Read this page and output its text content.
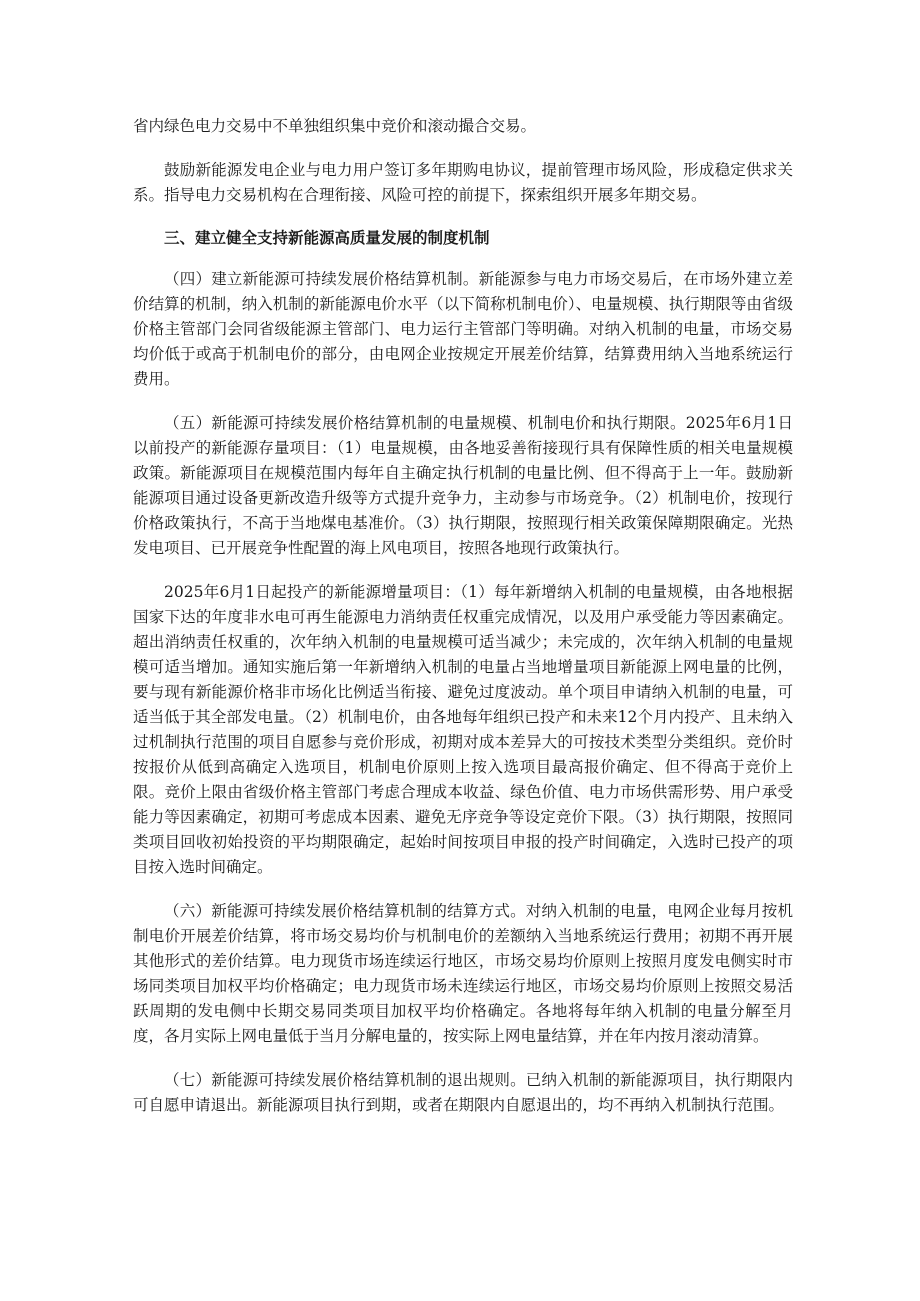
省内绿色电力交易中不单独组织集中竞价和滚动撮合交易。

鼓励新能源发电企业与电力用户签订多年期购电协议，提前管理市场风险，形成稳定供求关系。指导电力交易机构在合理衔接、风险可控的前提下，探索组织开展多年期交易。

三、建立健全支持新能源高质量发展的制度机制

（四）建立新能源可持续发展价格结算机制。新能源参与电力市场交易后，在市场外建立差价结算的机制，纳入机制的新能源电价水平（以下简称机制电价）、电量规模、执行期限等由省级价格主管部门会同省级能源主管部门、电力运行主管部门等明确。对纳入机制的电量，市场交易均价低于或高于机制电价的部分，由电网企业按规定开展差价结算，结算费用纳入当地系统运行费用。

（五）新能源可持续发展价格结算机制的电量规模、机制电价和执行期限。2025年6月1日以前投产的新能源存量项目：（1）电量规模，由各地妥善衔接现行具有保障性质的相关电量规模政策。新能源项目在规模范围内每年自主确定执行机制的电量比例、但不得高于上一年。鼓励新能源项目通过设备更新改造升级等方式提升竞争力，主动参与市场竞争。（2）机制电价，按现行价格政策执行，不高于当地煤电基准价。（3）执行期限，按照现行相关政策保障期限确定。光热发电项目、已开展竞争性配置的海上风电项目，按照各地现行政策执行。

2025年6月1日起投产的新能源增量项目：（1）每年新增纳入机制的电量规模，由各地根据国家下达的年度非水电可再生能源电力消纳责任权重完成情况，以及用户承受能力等因素确定。超出消纳责任权重的，次年纳入机制的电量规模可适当减少；未完成的，次年纳入机制的电量规模可适当增加。通知实施后第一年新增纳入机制的电量占当地增量项目新能源上网电量的比例，要与现有新能源价格非市场化比例适当衔接、避免过度波动。单个项目申请纳入机制的电量，可适当低于其全部发电量。（2）机制电价，由各地每年组织已投产和未来12个月内投产、且未纳入过机制执行范围的项目自愿参与竞价形成，初期对成本差异大的可按技术类型分类组织。竞价时按报价从低到高确定入选项目，机制电价原则上按入选项目最高报价确定、但不得高于竞价上限。竞价上限由省级价格主管部门考虑合理成本收益、绿色价值、电力市场供需形势、用户承受能力等因素确定，初期可考虑成本因素、避免无序竞争等设定竞价下限。（3）执行期限，按照同类项目回收初始投资的平均期限确定，起始时间按项目申报的投产时间确定，入选时已投产的项目按入选时间确定。

（六）新能源可持续发展价格结算机制的结算方式。对纳入机制的电量，电网企业每月按机制电价开展差价结算，将市场交易均价与机制电价的差额纳入当地系统运行费用；初期不再开展其他形式的差价结算。电力现货市场连续运行地区，市场交易均价原则上按照月度发电侧实时市场同类项目加权平均价格确定；电力现货市场未连续运行地区，市场交易均价原则上按照交易活跃周期的发电侧中长期交易同类项目加权平均价格确定。各地将每年纳入机制的电量分解至月度，各月实际上网电量低于当月分解电量的，按实际上网电量结算，并在年内按月滚动清算。

（七）新能源可持续发展价格结算机制的退出规则。已纳入机制的新能源项目，执行期限内可自愿申请退出。新能源项目执行到期，或者在期限内自愿退出的，均不再纳入机制执行范围。
